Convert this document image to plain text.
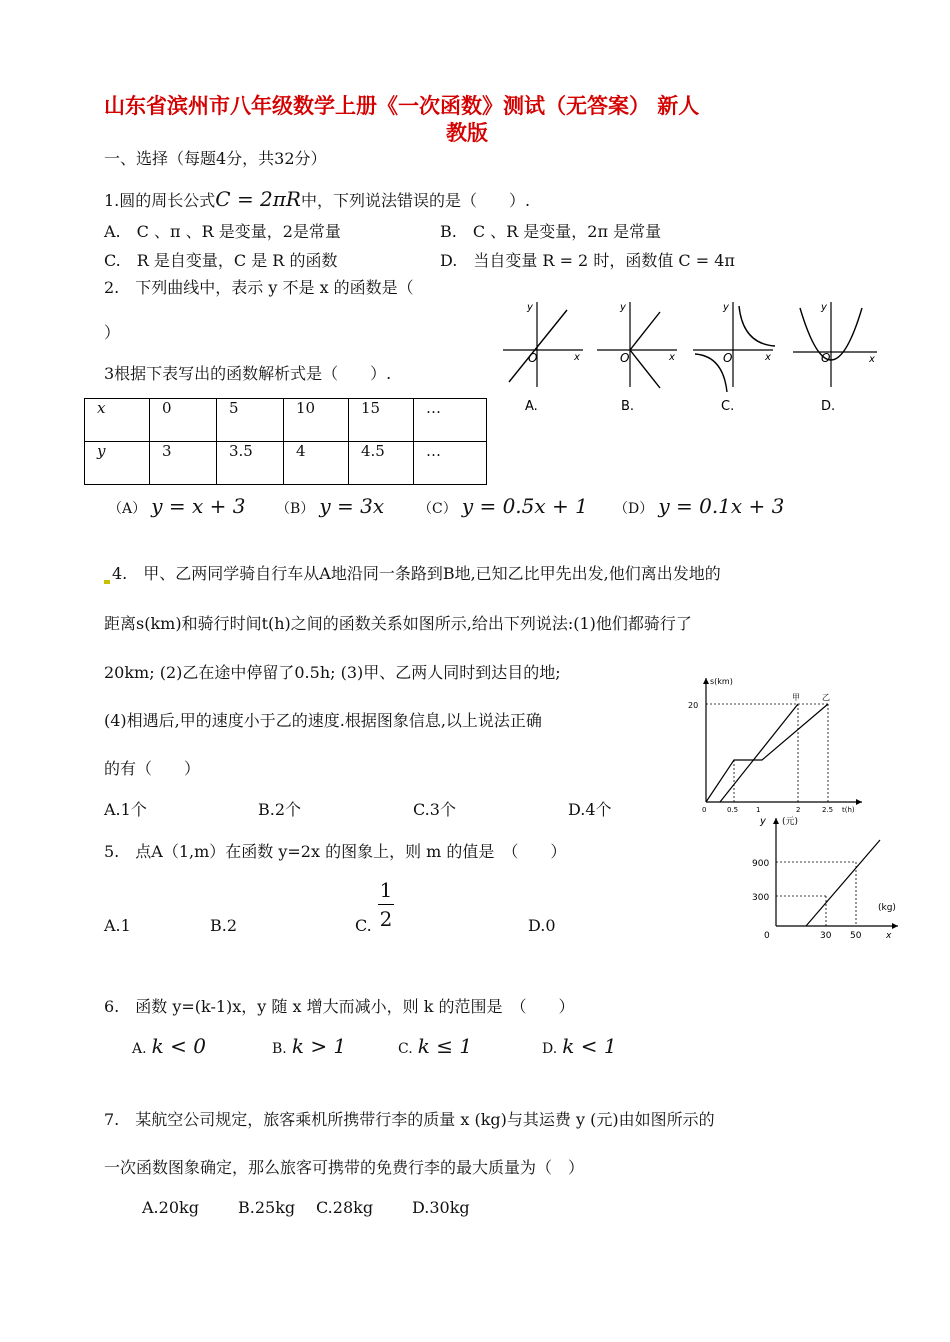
山东省滨州市八年级数学上册《一次函数》测试（无答案） 新人
教版
一、选择（每题4分，共32分）
1.圆的周长公式C = 2πR中，下列说法错误的是（　　）.
A.　C 、π 、R 是变量，2是常量	B.　C 、R 是变量，2π 是常量
C.　R 是自变量，C 是 R 的函数	D.　当自变量 R = 2 时，函数值 C = 4π
2.　下列曲线中，表示 y 不是 x 的函数是（
）
O	x
y
O	x
y
O	x
y
O	x
y
A.	B.	C.	D.
3根据下表写出的函数解析式是（　　）.
x	0	5	10	15	…
y	3	3.5	4	4.5	…
（A） y = x + 3 （B） y = 3x （C） y = 0.5x + 1 （D） y = 0.1x + 3
4.　甲、乙两同学骑自行车从A地沿同一条路到B地,已知乙比甲先出发,他们离出发地的
距离s(km)和骑行时间t(h)之间的函数关系如图所示,给出下列说法:(1)他们都骑行了
20km; (2)乙在途中停留了0.5h; (3)甲、乙两人同时到达目的地;
(4)相遇后,甲的速度小于乙的速度.根据图象信息,以上说法正确
的有（　　）
A.1个	B.2个	C.3个	D.4个
s(km)
20
0	0.5	1	2	2.5 t(h)
甲	乙
5.　点A（1,m）在函数 y=2x 的图象上，则 m 的值是　（　　）
A.1	B.2	C.
1
2	D.0
y (元)
900
300
0	30 50
(kg)
x
6.　函数 y=(k-1)x，y 随 x 增大而减小，则 k 的范围是　（　　）
A. k < 0	B. k > 1	C. k ≤ 1	D. k < 1
7.　某航空公司规定，旅客乘机所携带行李的质量 x (kg)与其运费 y (元)由如图所示的
一次函数图象确定，那么旅客可携带的免费行李的最大质量为（　）
A.20kg B.25kg C.28kg D.30kg
